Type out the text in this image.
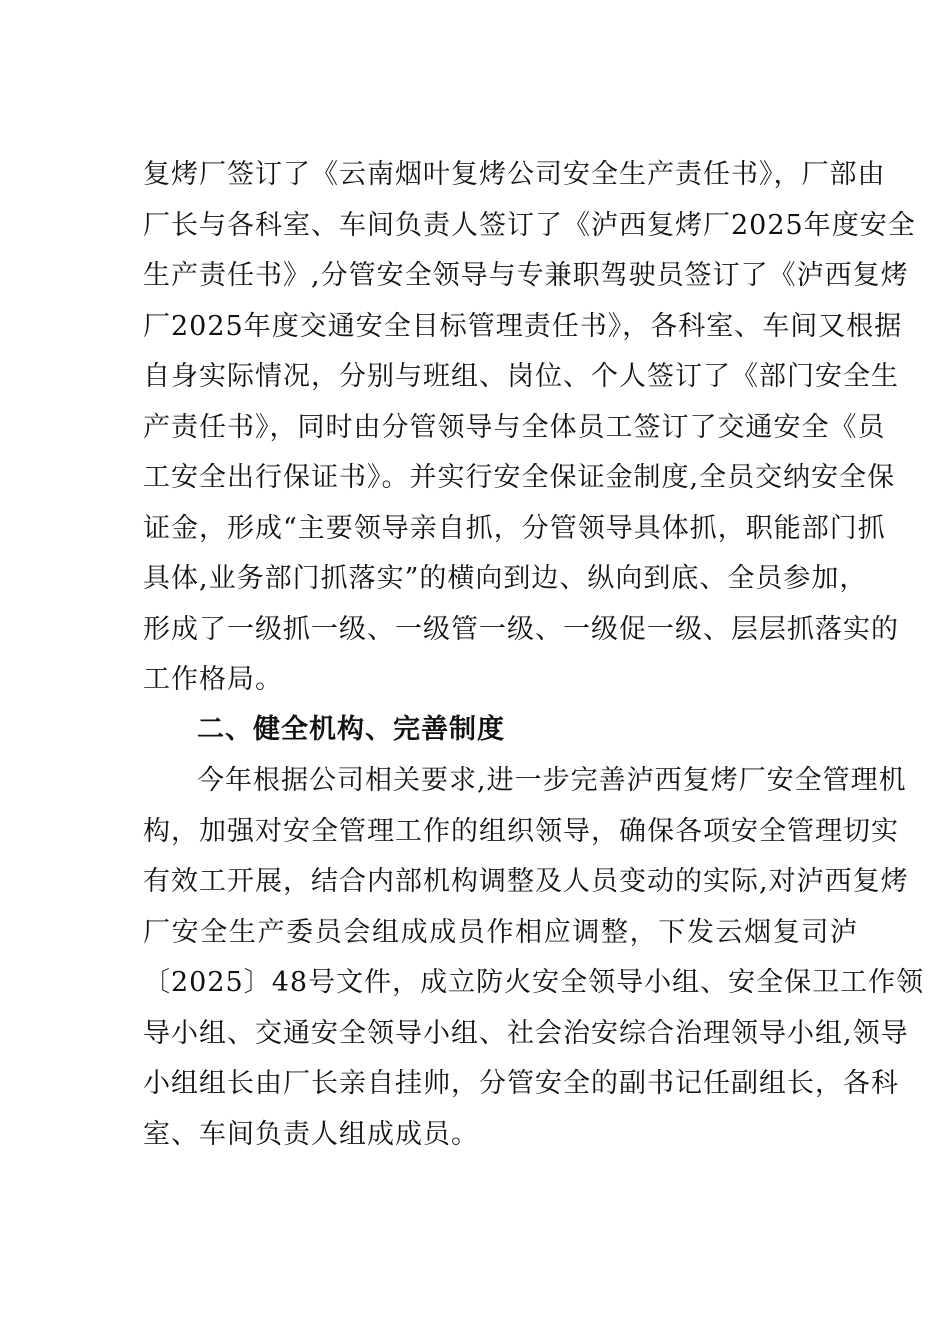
复烤厂签订了《云南烟叶复烤公司安全生产责任书》，厂部由
厂长与各科室、车间负责人签订了《泸西复烤厂2025年度安全
生产责任书》,分管安全领导与专兼职驾驶员签订了《泸西复烤
厂2025年度交通安全目标管理责任书》，各科室、车间又根据
自身实际情况，分别与班组、岗位、个人签订了《部门安全生
产责任书》，同时由分管领导与全体员工签订了交通安全《员
工安全出行保证书》。并实行安全保证金制度,全员交纳安全保
证金，形成“主要领导亲自抓，分管领导具体抓，职能部门抓
具体,业务部门抓落实”的横向到边、纵向到底、全员参加，
形成了一级抓一级、一级管一级、一级促一级、层层抓落实的
工作格局。
二、健全机构、完善制度
今年根据公司相关要求,进一步完善泸西复烤厂安全管理机
构，加强对安全管理工作的组织领导，确保各项安全管理切实
有效工开展，结合内部机构调整及人员变动的实际,对泸西复烤
厂安全生产委员会组成成员作相应调整，下发云烟复司泸
〔2025〕48号文件，成立防火安全领导小组、安全保卫工作领
导小组、交通安全领导小组、社会治安综合治理领导小组,领导
小组组长由厂长亲自挂帅，分管安全的副书记任副组长，各科
室、车间负责人组成成员。
